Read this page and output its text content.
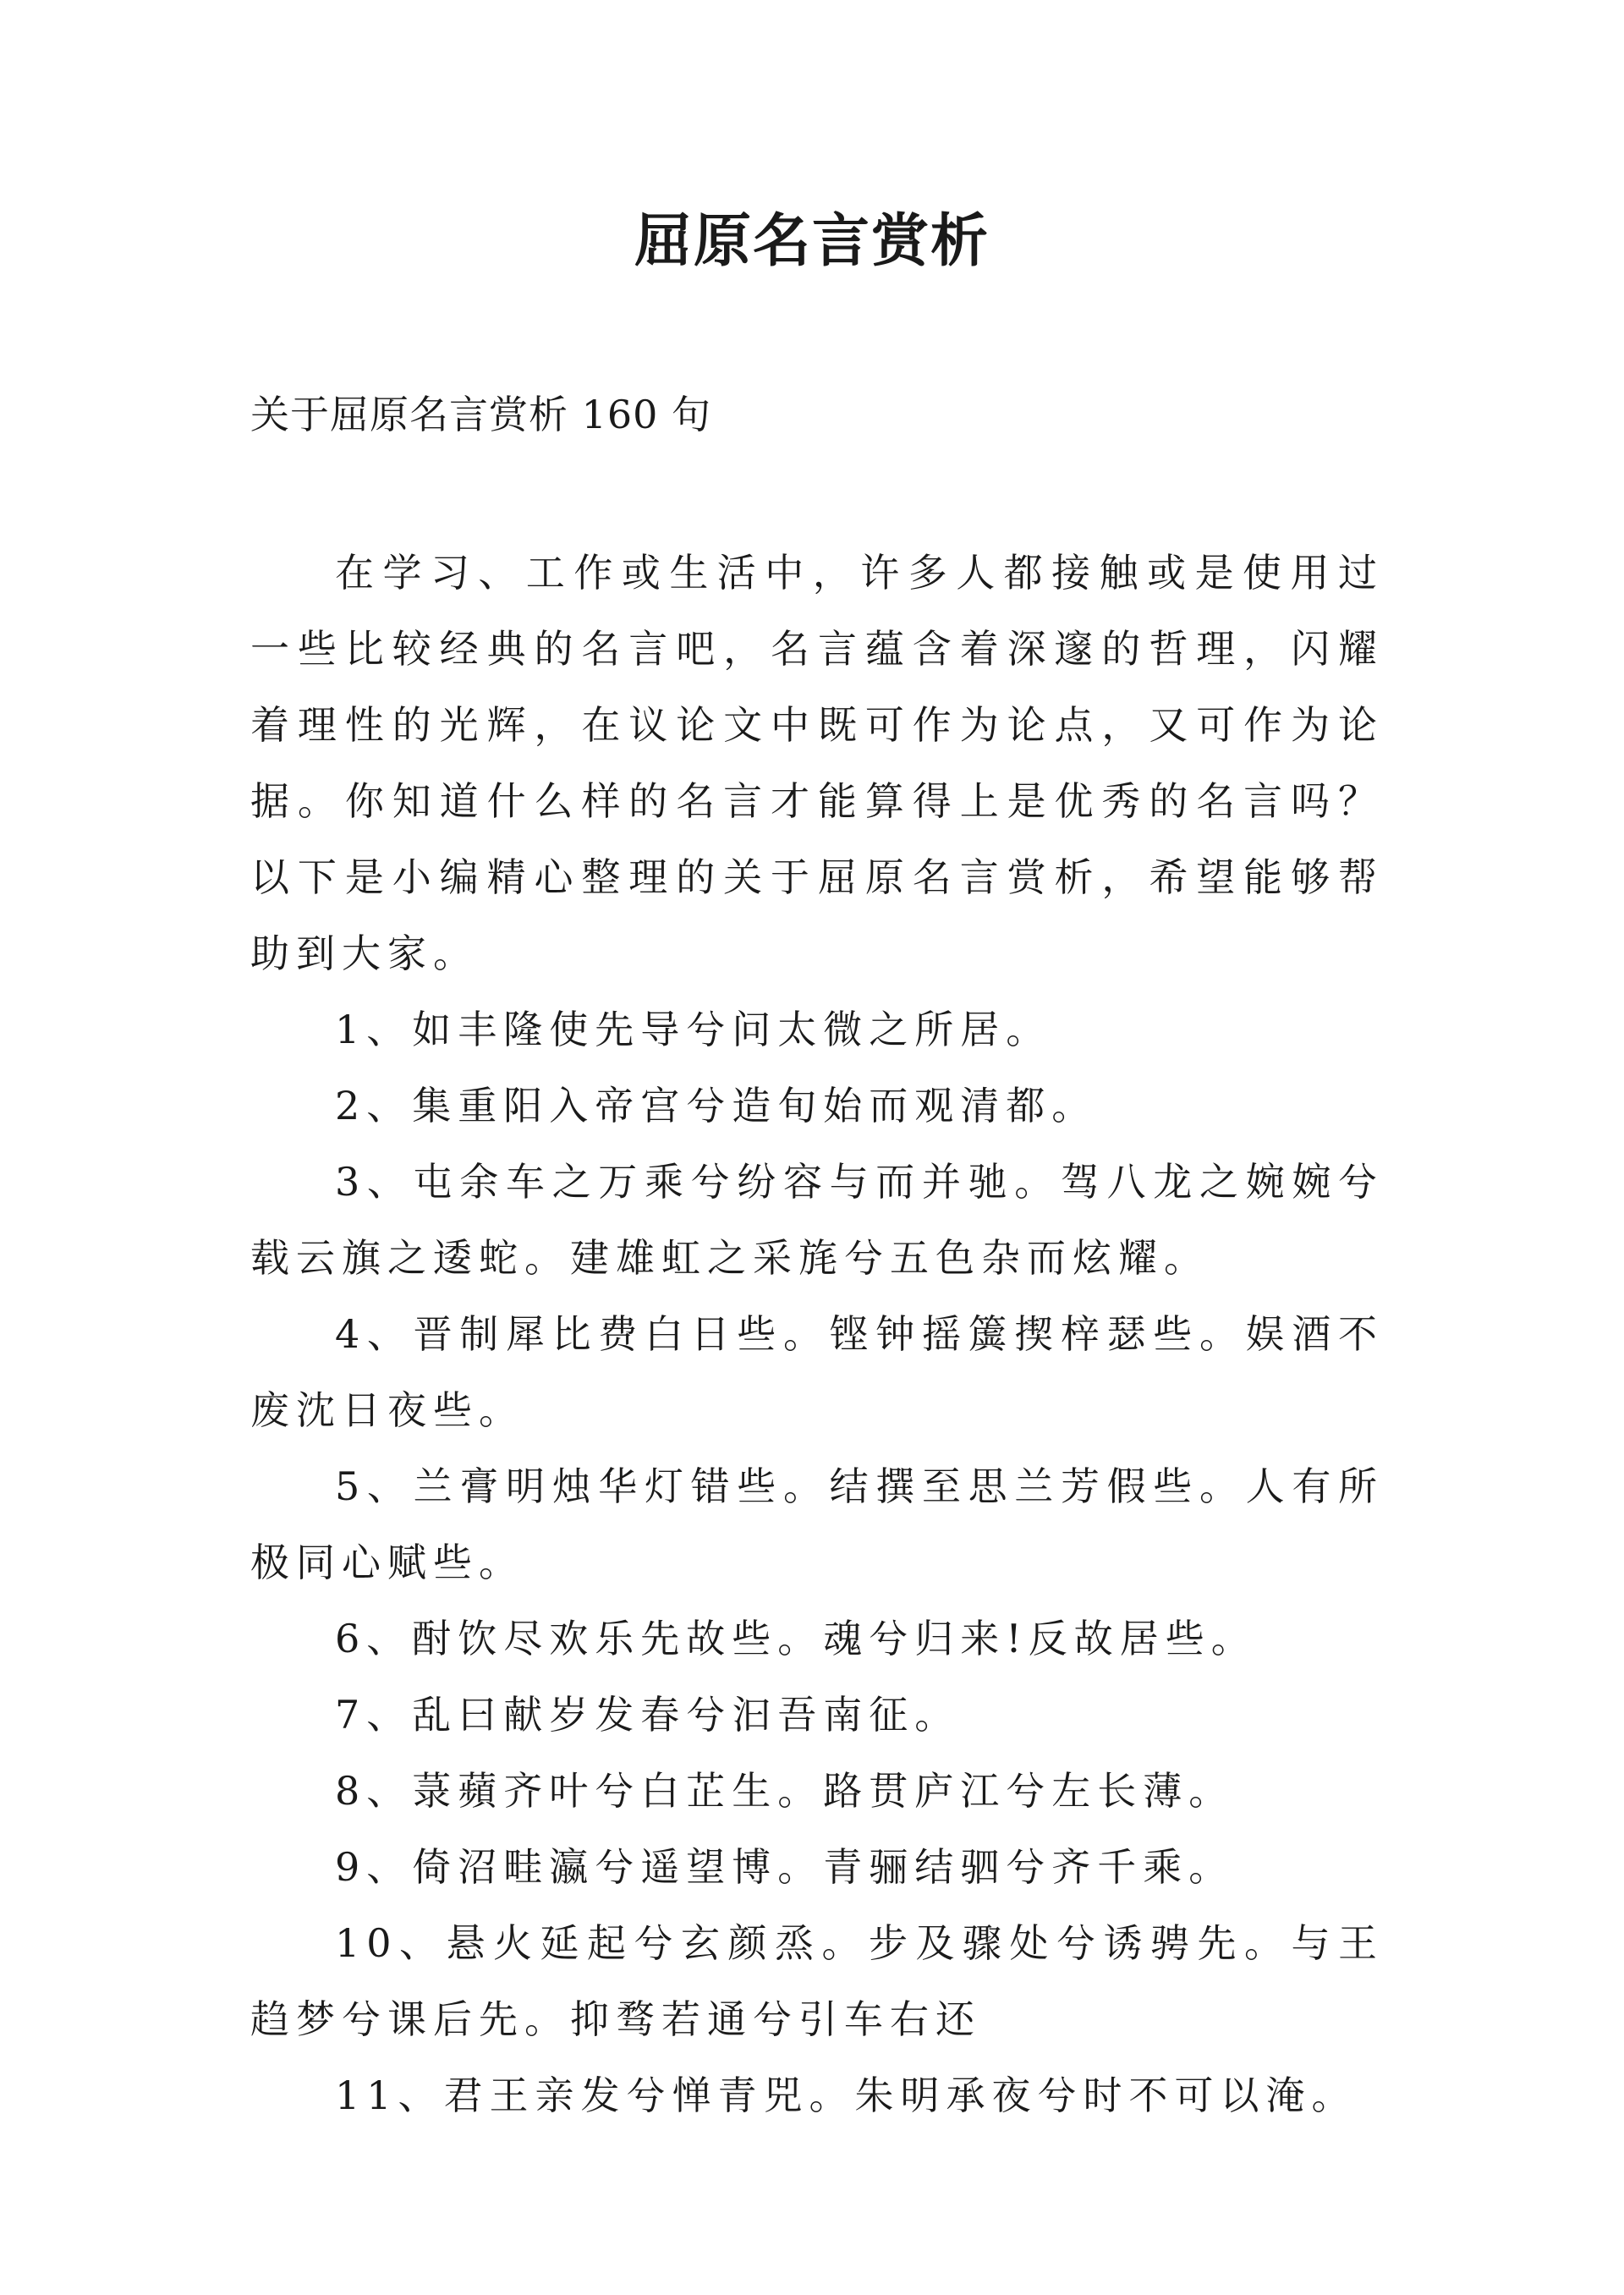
屈原名言赏析
关于屈原名言赏析 160 句

在学习、工作或生活中，许多人都接触或是使用过一些比较经典的名言吧，名言蕴含着深邃的哲理，闪耀着理性的光辉，在议论文中既可作为论点，又可作为论据。你知道什么样的名言才能算得上是优秀的名言吗？以下是小编精心整理的关于屈原名言赏析，希望能够帮助到大家。

1、如丰隆使先导兮问太微之所居。

2、集重阳入帝宫兮造旬始而观清都。

3、屯余车之万乘兮纷容与而并驰。驾八龙之婉婉兮载云旗之逶蛇。建雄虹之采旄兮五色杂而炫耀。

4、晋制犀比费白日些。铿钟摇簴揳梓瑟些。娱酒不废沈日夜些。

5、兰膏明烛华灯错些。结撰至思兰芳假些。人有所极同心赋些。

6、酎饮尽欢乐先故些。魂兮归来!反故居些。

7、乱曰献岁发春兮汩吾南征。

8、菉蘋齐叶兮白芷生。路贯庐江兮左长薄。

9、倚沼畦瀛兮遥望博。青骊结驷兮齐千乘。

10、悬火延起兮玄颜烝。步及骤处兮诱骋先。与王趋梦兮课后先。抑骛若通兮引车右还

11、君王亲发兮惮青兕。朱明承夜兮时不可以淹。
